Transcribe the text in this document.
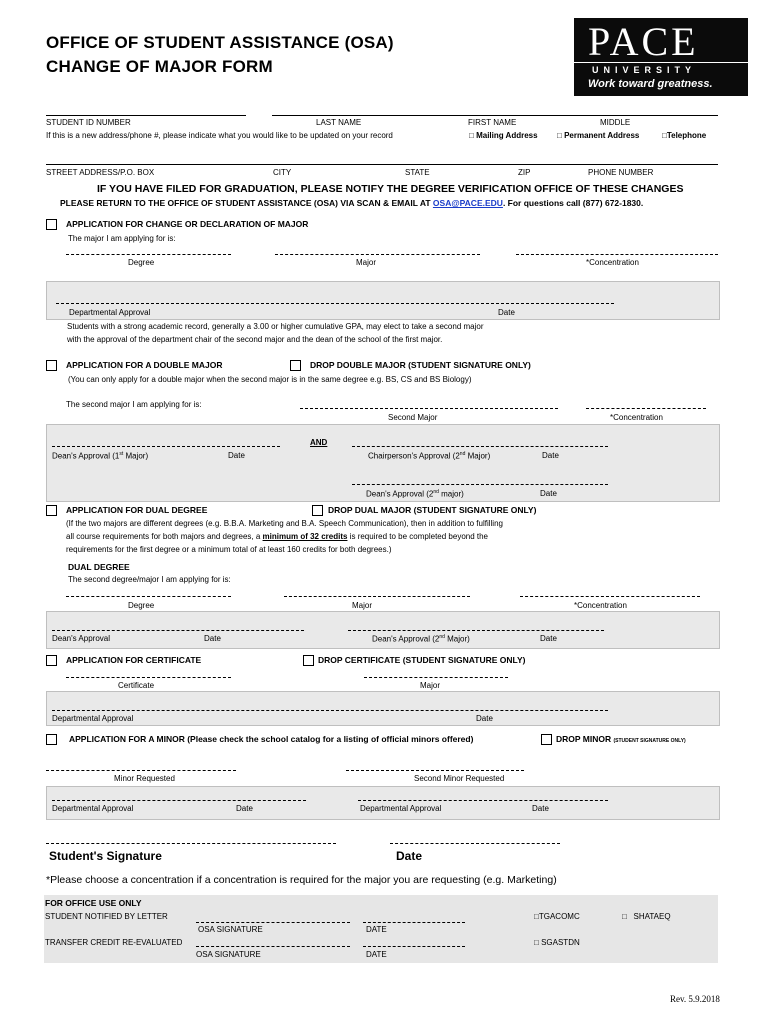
OFFICE OF STUDENT ASSISTANCE (OSA)
CHANGE OF MAJOR FORM
PACE
UNIVERSITY
Work toward greatness.
STUDENT ID NUMBER	LAST NAME	FIRST NAME	MIDDLE
If this is a new address/phone #, please indicate what you would like to be updated on your record	□ Mailing Address □ Permanent Address	□Telephone
STREET ADDRESS/P.O. BOX	CITY	STATE	ZIP	PHONE NUMBER
IF YOU HAVE FILED FOR GRADUATION, PLEASE NOTIFY THE DEGREE VERIFICATION OFFICE OF THESE CHANGES
PLEASE RETURN TO THE OFFICE OF STUDENT ASSISTANCE (OSA) VIA SCAN & EMAIL AT OSA@PACE.EDU. For questions call (877) 672-1830.
APPLICATION FOR CHANGE OR DECLARATION OF MAJOR
The major I am applying for is:
Degree	Major	*Concentration
Departmental Approval	Date
Students with a strong academic record, generally a 3.00 or higher cumulative GPA, may elect to take a second major
with the approval of the department chair of the second major and the dean of the school of the first major.
APPLICATION FOR A DOUBLE MAJOR	DROP DOUBLE MAJOR (STUDENT SIGNATURE ONLY)
(You can only apply for a double major when the second major is in the same degree e.g. BS, CS and BS Biology)
The second major I am applying for is:
Second Major	*Concentration
AND
Dean's Approval (1st Major)	Date	Chairperson's Approval (2nd Major)	Date
Dean's Approval (2nd major)	Date
APPLICATION FOR DUAL DEGREE	DROP DUAL MAJOR (STUDENT SIGNATURE ONLY)
(If the two majors are different degrees (e.g. B.B.A. Marketing and B.A. Speech Communication), then in addition to fulfilling
all course requirements for both majors and degrees, a minimum of 32 credits is required to be completed beyond the
requirements for the first degree or a minimum total of at least 160 credits for both degrees.)
DUAL DEGREE
The second degree/major I am applying for is:
Degree	Major	*Concentration
Dean's Approval	Date	Dean's Approval (2nd Major)	Date
APPLICATION FOR CERTIFICATE	DROP CERTIFICATE (STUDENT SIGNATURE ONLY)
Certificate	Major
Departmental Approval	Date
APPLICATION FOR A MINOR (Please check the school catalog for a listing of official minors offered)	DROP MINOR (STUDENT SIGNATURE ONLY)
Minor Requested	Second Minor Requested
Departmental Approval	Date	Departmental Approval	Date
Student's Signature	Date
*Please choose a concentration if a concentration is required for the major you are requesting (e.g. Marketing)
FOR OFFICE USE ONLY
STUDENT NOTIFIED BY LETTER	□TGACOMC	□ SHATAEQ
OSA SIGNATURE	DATE
TRANSFER CREDIT RE-EVALUATED	□ SGASTDN
OSA SIGNATURE	DATE
Rev. 5.9.2018
